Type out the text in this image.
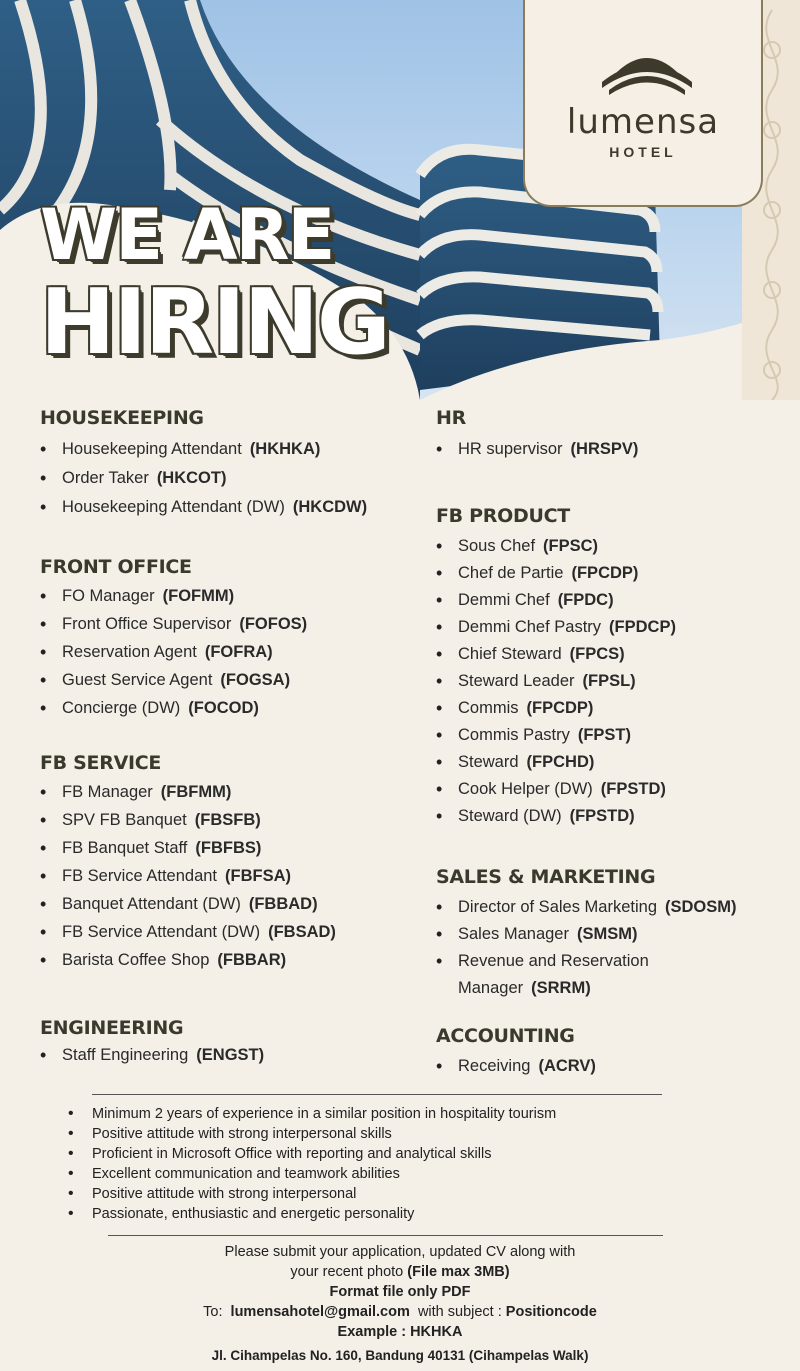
WE ARE
HIRING
lumensa
HOTEL
HOUSEKEEPING
• Housekeeping Attendant (HKHKA)
• Order Taker (HKCOT)
• Housekeeping Attendant (DW) (HKCDW)
FRONT OFFICE
• FO Manager (FOFMM)
• Front Office Supervisor (FOFOS)
• Reservation Agent (FOFRA)
• Guest Service Agent (FOGSA)
• Concierge (DW) (FOCOD)
FB SERVICE
• FB Manager (FBFMM)
• SPV FB Banquet (FBSFB)
• FB Banquet Staff (FBFBS)
• FB Service Attendant (FBFSA)
• Banquet Attendant (DW) (FBBAD)
• FB Service Attendant (DW) (FBSAD)
• Barista Coffee Shop (FBBAR)
ENGINEERING
• Staff Engineering (ENGST)
HR
• HR supervisor (HRSPV)
FB PRODUCT
• Sous Chef (FPSC)
• Chef de Partie (FPCDP)
• Demmi Chef (FPDC)
• Demmi Chef Pastry (FPDCP)
• Chief Steward (FPCS)
• Steward Leader (FPSL)
• Commis (FPCDP)
• Commis Pastry (FPST)
• Steward (FPCHD)
• Cook Helper (DW) (FPSTD)
• Steward (DW) (FPSTD)
SALES & MARKETING
• Director of Sales Marketing (SDOSM)
• Sales Manager (SMSM)
• Revenue and Reservation Manager (SRRM)
ACCOUNTING
• Receiving (ACRV)
• Minimum 2 years of experience in a similar position in hospitality tourism
• Positive attitude with strong interpersonal skills
• Proficient in Microsoft Office with reporting and analytical skills
• Excellent communication and teamwork abilities
• Positive attitude with strong interpersonal
• Passionate, enthusiastic and energetic personality
Please submit your application, updated CV along with
your recent photo (File max 3MB)
Format file only PDF
To: lumensahotel@gmail.com with subject : Positioncode
Example : HKHKA
Jl. Cihampelas No. 160, Bandung 40131 (Cihampelas Walk)
